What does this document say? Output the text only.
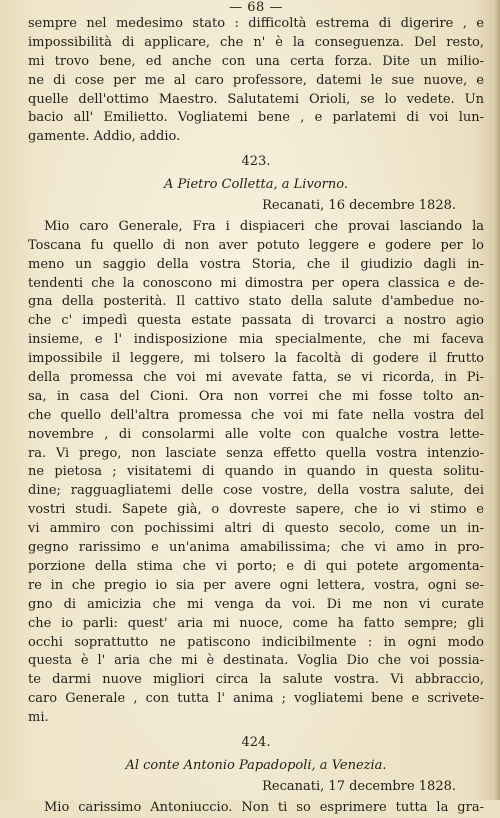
— 68 —
sempre nel medesimo stato : difficoltà estrema di digerire , e
impossibilità di applicare, che n' è la conseguenza. Del resto,
mi trovo bene, ed anche con una certa forza. Dite un milio-
ne di cose per me al caro professore, datemi le sue nuove, e
quelle dell'ottimo Maestro. Salutatemi Orioli, se lo vedete. Un
bacio all' Emilietto. Vogliatemi bene , e parlatemi di voi lun-
gamente. Addio, addio.
423.
A Pietro Colletta, a Livorno.
Recanati, 16 decembre 1828.
Mio caro Generale, Fra i dispiaceri che provai lasciando la
Toscana fu quello di non aver potuto leggere e godere per lo
meno un saggio della vostra Storia, che il giudizio dagli in-
tendenti che la conoscono mi dimostra per opera classica e de-
gna della posterità. Il cattivo stato della salute d'ambedue no-
che c' impedì questa estate passata di trovarci a nostro agio
insieme, e l' indisposizione mia specialmente, che mi faceva
impossibile il leggere, mi tolsero la facoltà di godere il frutto
della promessa che voi mi avevate fatta, se vi ricorda, in Pi-
sa, in casa del Cioni. Ora non vorrei che mi fosse tolto an-
che quello dell'altra promessa che voi mi fate nella vostra del
novembre , di consolarmi alle volte con qualche vostra lette-
ra. Vi prego, non lasciate senza effetto quella vostra intenzio-
ne pietosa ; visitatemi di quando in quando in questa solitu-
dine; ragguagliatemi delle cose vostre, della vostra salute, dei
vostri studi. Sapete già, o dovreste sapere, che io vi stimo e
vi ammiro con pochissimi altri di questo secolo, come un in-
gegno rarissimo e un'anima amabilissima; che vi amo in pro-
porzione della stima che vi porto; e di qui potete argomenta-
re in che pregio io sia per avere ogni lettera, vostra, ogni se-
gno di amicizia che mi venga da voi. Di me non vi curate
che io parli: quest' aria mi nuoce, come ha fatto sempre; gli
occhi soprattutto ne patiscono indicibilmente : in ogni modo
questa è l' aria che mi è destinata. Voglia Dio che voi possia-
te darmi nuove migliori circa la salute vostra. Vi abbraccio,
caro Generale , con tutta l' anima ; vogliatemi bene e scrivete-
mi.
424.
Al conte Antonio Papadopoli, a Venezia.
Recanati, 17 decembre 1828.
Mio carissimo Antoniuccio. Non ti so esprimere tutta la gra-
